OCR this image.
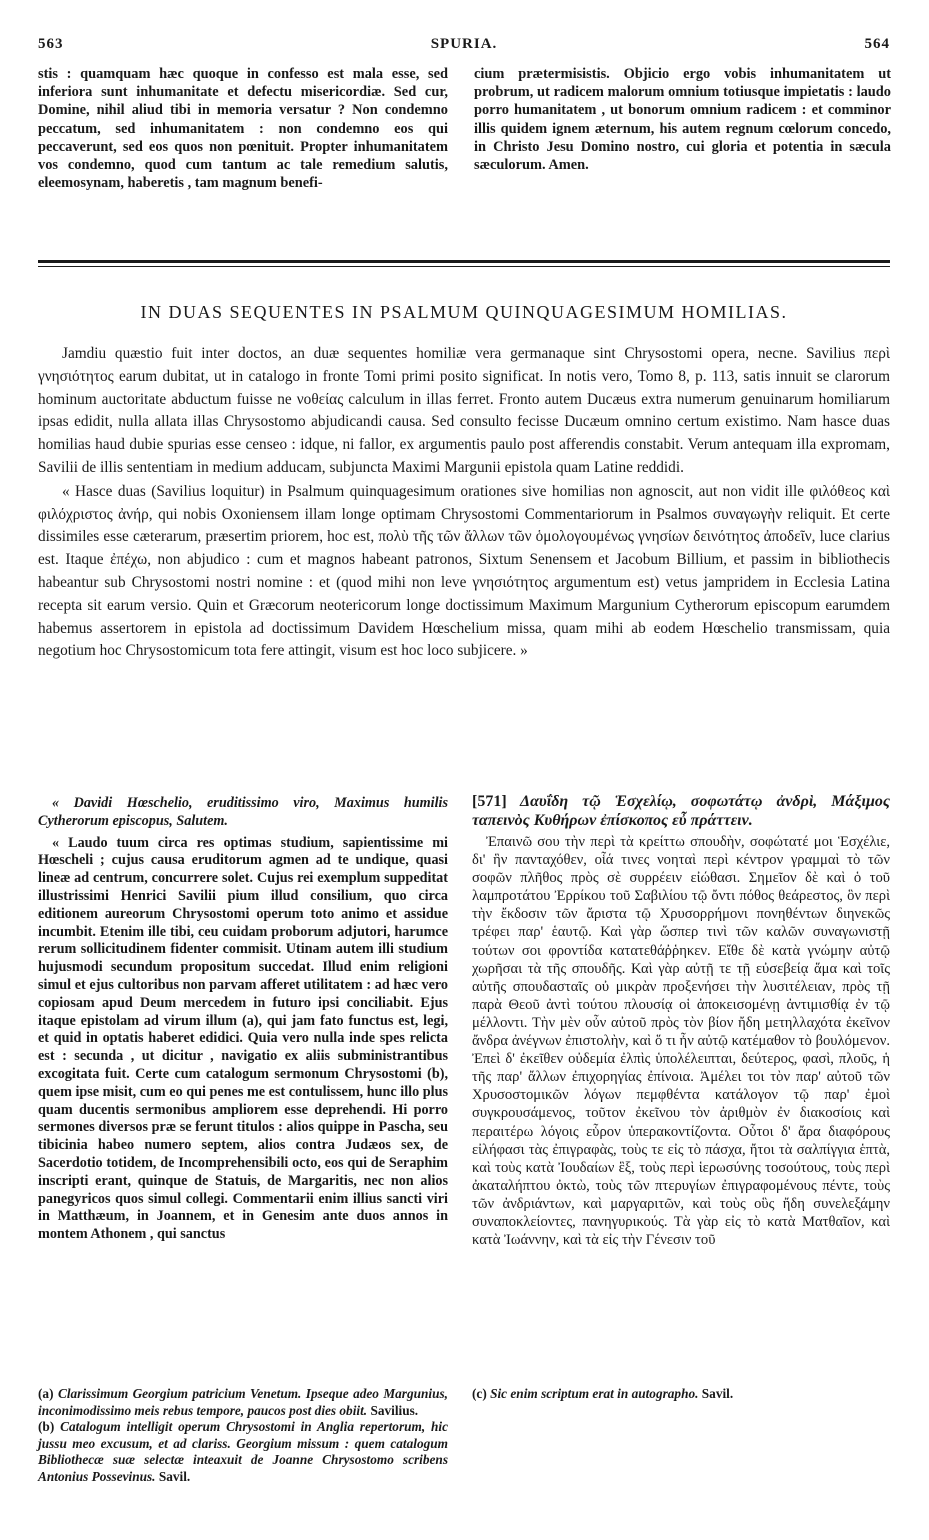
563	SPURIA.	564

stis : quamquam hæc quoque in confesso est mala esse, sed inferiora sunt inhumanitate et defectu misericordiæ. Sed cur, Domine, nihil aliud tibi in memoria versatur ? Non condemno peccatum, sed inhumanitatem : non condemno eos qui peccaverunt, sed eos quos non pœnituit. Propter inhumanitatem vos condemno, quod cum tantum ac tale remedium salutis, eleemosynam, haberetis , tam magnum benefi-

cium prætermisistis. Objicio ergo vobis inhumanitatem ut probrum, ut radicem malorum omnium totiusque impietatis : laudo porro humanitatem , ut bonorum omnium radicem : et comminor illis quidem ignem æternum, his autem regnum cœlorum concedo, in Christo Jesu Domino nostro, cui gloria et potentia in sæcula sæculorum. Amen.

IN DUAS SEQUENTES IN PSALMUM QUINQUAGESIMUM HOMILIAS.

Jamdiu quæstio fuit inter doctos, an duæ sequentes homiliæ vera germanaque sint Chrysostomi opera, necne. Savilius περὶ γνησιότητος earum dubitat, ut in catalogo in fronte Tomi primi posito significat. In notis vero, Tomo 8, p. 113, satis innuit se clarorum hominum auctoritate abductum fuisse ne νοθείας calculum in illas ferret. Fronto autem Ducæus extra numerum genuinarum homiliarum ipsas edidit, nulla allata illas Chrysostomo abjudicandi causa. Sed consulto fecisse Ducæum omnino certum existimo. Nam hasce duas homilias haud dubie spurias esse censeo : idque, ni fallor, ex argumentis paulo post afferendis constabit. Verum antequam illa expromam, Savilii de illis sententiam in medium adducam, subjuncta Maximi Margunii epistola quam Latine reddidi.

« Hasce duas (Savilius loquitur) in Psalmum quinquagesimum orationes sive homilias non agnoscit, aut non vidit ille φιλόθεος καὶ φιλόχριστος ἀνήρ, qui nobis Oxoniensem illam longe optimam Chrysostomi Commentariorum in Psalmos συναγωγὴν reliquit. Et certe dissimiles esse cæterarum, præsertim priorem, hoc est, πολὺ τῆς τῶν ἄλλων τῶν ὁμολογουμένως γνησίων δεινότητος ἀποδεῖν, luce clarius est. Itaque ἐπέχω, non abjudico : cum et magnos habeant patronos, Sixtum Senensem et Jacobum Billium, et passim in bibliothecis habeantur sub Chrysostomi nostri nomine : et (quod mihi non leve γνησιότητος argumentum est) vetus jampridem in Ecclesia Latina recepta sit earum versio. Quin et Græcorum neotericorum longe doctissimum Maximum Margunium Cytherorum episcopum earumdem habemus assertorem in epistola ad doctissimum Davidem Hœschelium missa, quam mihi ab eodem Hœschelio transmissam, quia negotium hoc Chrysostomicum tota fere attingit, visum est hoc loco subjicere. »

« Davidi Hœschelio, eruditissimo viro, Maximus humilis Cytherorum episcopus, Salutem.

« Laudo tuum circa res optimas studium, sapientissime mi Hœscheli ; cujus causa eruditorum agmen ad te undique, quasi lineæ ad centrum, concurrere solet. Cujus rei exemplum suppeditat illustrissimi Henrici Savilii pium illud consilium, quo circa editionem aureorum Chrysostomi operum toto animo et assidue incumbit. Etenim ille tibi, ceu cuidam proborum adjutori, harumce rerum sollicitudinem fidenter commisit. Utinam autem illi studium hujusmodi secundum propositum succedat. Illud enim religioni simul et ejus cultoribus non parvam afferet utilitatem : ad hæc vero copiosam apud Deum mercedem in futuro ipsi conciliabit. Ejus itaque epistolam ad virum illum (a), qui jam fato functus est, legi, et quid in optatis haberet edidici. Quia vero nulla inde spes relicta est : secunda , ut dicitur , navigatio ex aliis subministrantibus excogitata fuit. Certe cum catalogum sermonum Chrysostomi (b), quem ipse misit, cum eo qui penes me est contulissem, hunc illo plus quam ducentis sermonibus ampliorem esse deprehendi. Hi porro sermones diversos præ se ferunt titulos : alios quippe in Pascha, seu tibicinia habeo numero septem, alios contra Judæos sex, de Sacerdotio totidem, de Incomprehensibili octo, eos qui de Seraphim inscripti erant, quinque de Statuis, de Margaritis, nec non alios panegyricos quos simul collegi. Commentarii enim illius sancti viri in Matthæum, in Joannem, et in Genesim ante duos annos in montem Athonem , qui sanctus

[571] Δαυΐδη τῷ Ἑσχελίῳ, σοφωτάτῳ ἀνδρὶ, Μάξιμος ταπεινὸς Κυθήρων ἐπίσκοπος εὖ πράττειν.

Ἐπαινῶ σου τὴν περὶ τὰ κρείττω σπουδὴν, σοφώτατέ μοι Ἑσχέλιε, δι' ἣν πανταχόθεν, οἷά τινες νοηταὶ περὶ κέντρον γραμμαὶ τὸ τῶν σοφῶν πλῆθος πρὸς σὲ συρρέειν εἰώθασι. Σημεῖον δὲ καὶ ὁ τοῦ λαμπροτάτου Ἐρρίκου τοῦ Σαβιλίου τῷ ὄντι πόθος θεάρεστος, ὃν περὶ τὴν ἔκδοσιν τῶν ἄριστα τῷ Χρυσορρήμονι πονηθέντων διηνεκῶς τρέφει παρ' ἑαυτῷ. Καὶ γὰρ ὥσπερ τινὶ τῶν καλῶν συναγωνιστῇ τούτων σοι φροντίδα κατατεθάῤῥηκεν. Εἴθε δὲ κατὰ γνώμην αὐτῷ χωρῆσαι τὰ τῆς σπουδῆς. Καὶ γὰρ αὐτῇ τε τῇ εὐσεβείᾳ ἅμα καὶ τοῖς αὐτῆς σπουδασταῖς οὐ μικρὰν προξενήσει τὴν λυσιτέλειαν, πρὸς τῇ παρὰ Θεοῦ ἀντὶ τούτου πλουσίᾳ οἱ ἀποκεισομένῃ ἀντιμισθίᾳ ἐν τῷ μέλλοντι. Τὴν μὲν οὖν αὐτοῦ πρὸς τὸν βίον ἤδη μετηλλαχότα ἐκεῖνον ἄνδρα ἀνέγνων ἐπιστολὴν, καὶ ὅ τι ἦν αὐτῷ κατέμαθον τὸ βουλόμενον. Ἐπεὶ δ' ἐκεῖθεν οὐδεμία ἐλπὶς ὑπολέλειπται, δεύτερος, φασὶ, πλοῦς, ἡ τῆς παρ' ἄλλων ἐπιχορηγίας ἐπίνοια. Ἀμέλει τοι τὸν παρ' αὐτοῦ τῶν Χρυσοστομικῶν λόγων πεμφθέντα κατάλογον τῷ παρ' ἐμοὶ συγκρουσάμενος, τοῦτον ἐκεῖνου τὸν ἀριθμὸν ἐν διακοσίοις καὶ περαιτέρω λόγοις εὗρον ὑπερακοντίζοντα. Οὗτοι δ' ἄρα διαφόρους εἰλήφασι τὰς ἐπιγραφὰς, τοὺς τε εἰς τὸ πάσχα, ἤτοι τὰ σαλπίγγια ἑπτὰ, καὶ τοὺς κατὰ Ἰουδαίων ἓξ, τοὺς περὶ ἱερωσύνης τοσούτους, τοὺς περὶ ἀκαταλήπτου ὀκτὼ, τοὺς τῶν πτερυγίων ἐπιγραφομένους πέντε, τοὺς τῶν ἀνδριάντων, καὶ μαργαριτῶν, καὶ τοὺς οὓς ἤδη συνελεξάμην συναποκλείοντες, πανηγυρικούς. Τὰ γὰρ εἰς τὸ κατὰ Ματθαῖον, καὶ κατὰ Ἰωάννην, καὶ τὰ εἰς τὴν Γένεσιν τοῦ

(a) Clarissimum Georgium patricium Venetum. Ipseque adeo Margunius, inconimodissimo meis rebus tempore, paucos post dies obiit. Savilius.

(b) Catalogum intelligit operum Chrysostomi in Anglia repertorum, hic jussu meo excusum, et ad clariss. Georgium missum : quem catalogum Bibliothecæ suæ selectæ inteaxuit de Joanne Chrysostomo scribens Antonius Possevinus. Savil.

(c) Sic enim scriptum erat in autographo. Savil.
